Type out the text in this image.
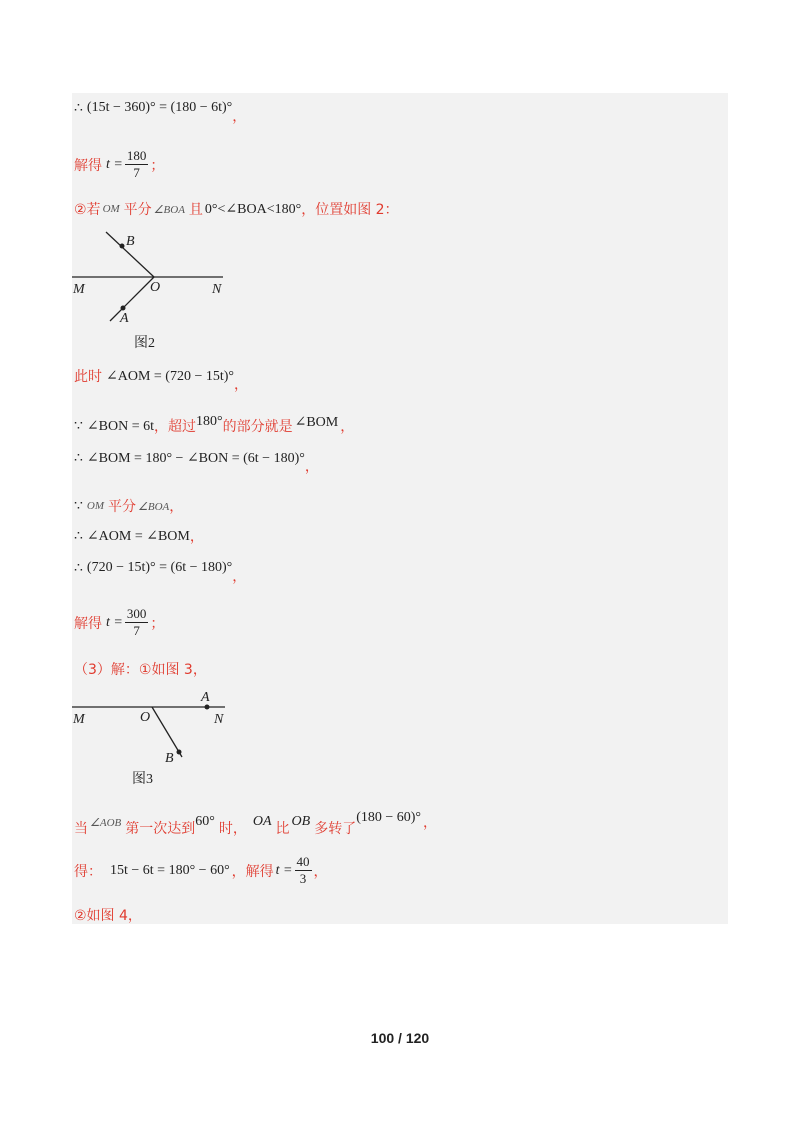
∴ (15t − 360)° = (180 − 6t)°
，
解得 $t = \frac{180}{7}$ ；
②若 OM 平分 ∠BOA 且 0°<∠BOA<180° ，位置如图 2：
B
M	O	N
A
图2
此时 ∠AOM = (720 − 15t)°
，
∵ ∠BON = 6t ，超过 180° 的部分就是 ∠BOM ，
∴ ∠BOM = 180° − ∠BON = (6t − 180)°
，
∵ OM 平分 ∠BOA ，
∴ ∠AOM = ∠BOM ，
∴ (720 − 15t)° = (6t − 180)°
，
解得 $t = \frac{300}{7}$ ；
（3）解：①如图 3，
A
M	O	N
B
图3
当 ∠AOB 第一次达到 60° 时， OA 比 OB 多转了
(180 − 60)° ，
得： 15t − 6t = 180° − 60° ，解得 $t = \frac{40}{3}$ ，
②如图 4，
100 / 120
